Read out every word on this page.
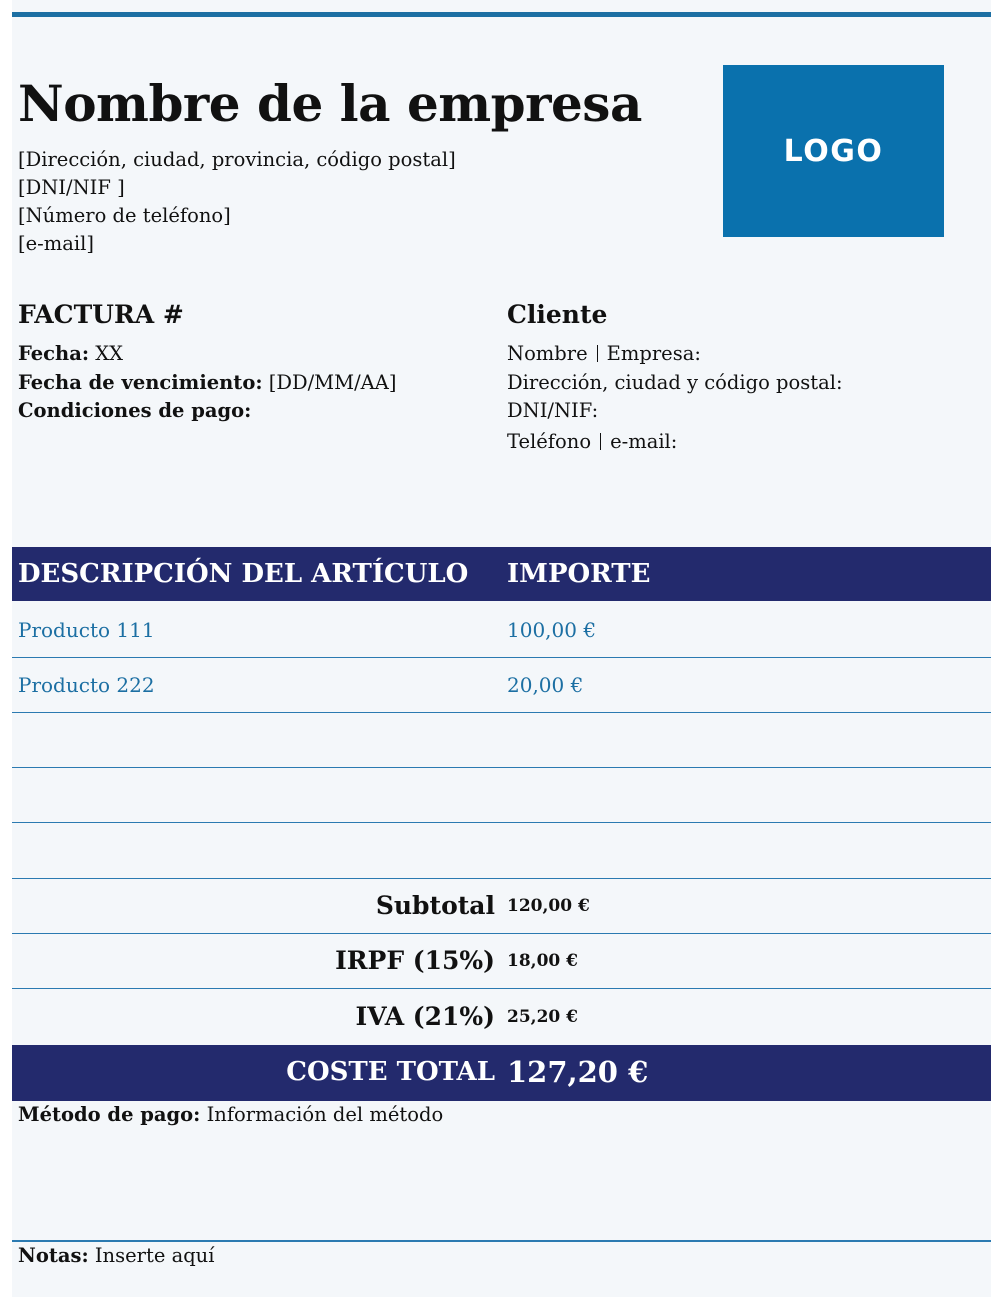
Nombre de la empresa
[Dirección, ciudad, provincia, código postal]
[DNI/NIF ]
[Número de teléfono]
[e-mail]
LOGO
FACTURA #
Fecha: XX
Fecha de vencimiento: [DD/MM/AA]
Condiciones de pago:
Cliente
Nombre Empresa:
Dirección, ciudad y código postal:
DNI/NIF:
Teléfono e-mail:
DESCRIPCIÓN DEL ARTÍCULO IMPORTE
Producto 111	100,00 €
Producto 222	20,00 €
Subtotal 120,00 €
IRPF (15%) 18,00 €
IVA (21%) 25,20 €
COSTE TOTAL 127,20 €
Método de pago: Información del método
Notas: Inserte aquí
